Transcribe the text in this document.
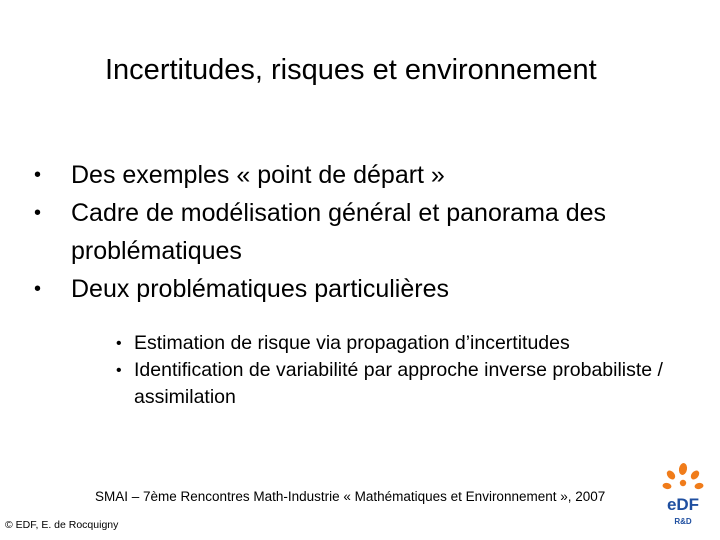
Incertitudes, risques et environnement
•	Des exemples « point de départ »
•	Cadre de modélisation général et panorama des problématiques
•	Deux problématiques particulières
• Estimation de risque via propagation d’incertitudes
• Identification de variabilité par approche inverse probabiliste / assimilation
SMAI – 7ème Rencontres Math-Industrie « Mathématiques et Environnement », 2007
© EDF, E. de Rocquigny
eDF
R&D
